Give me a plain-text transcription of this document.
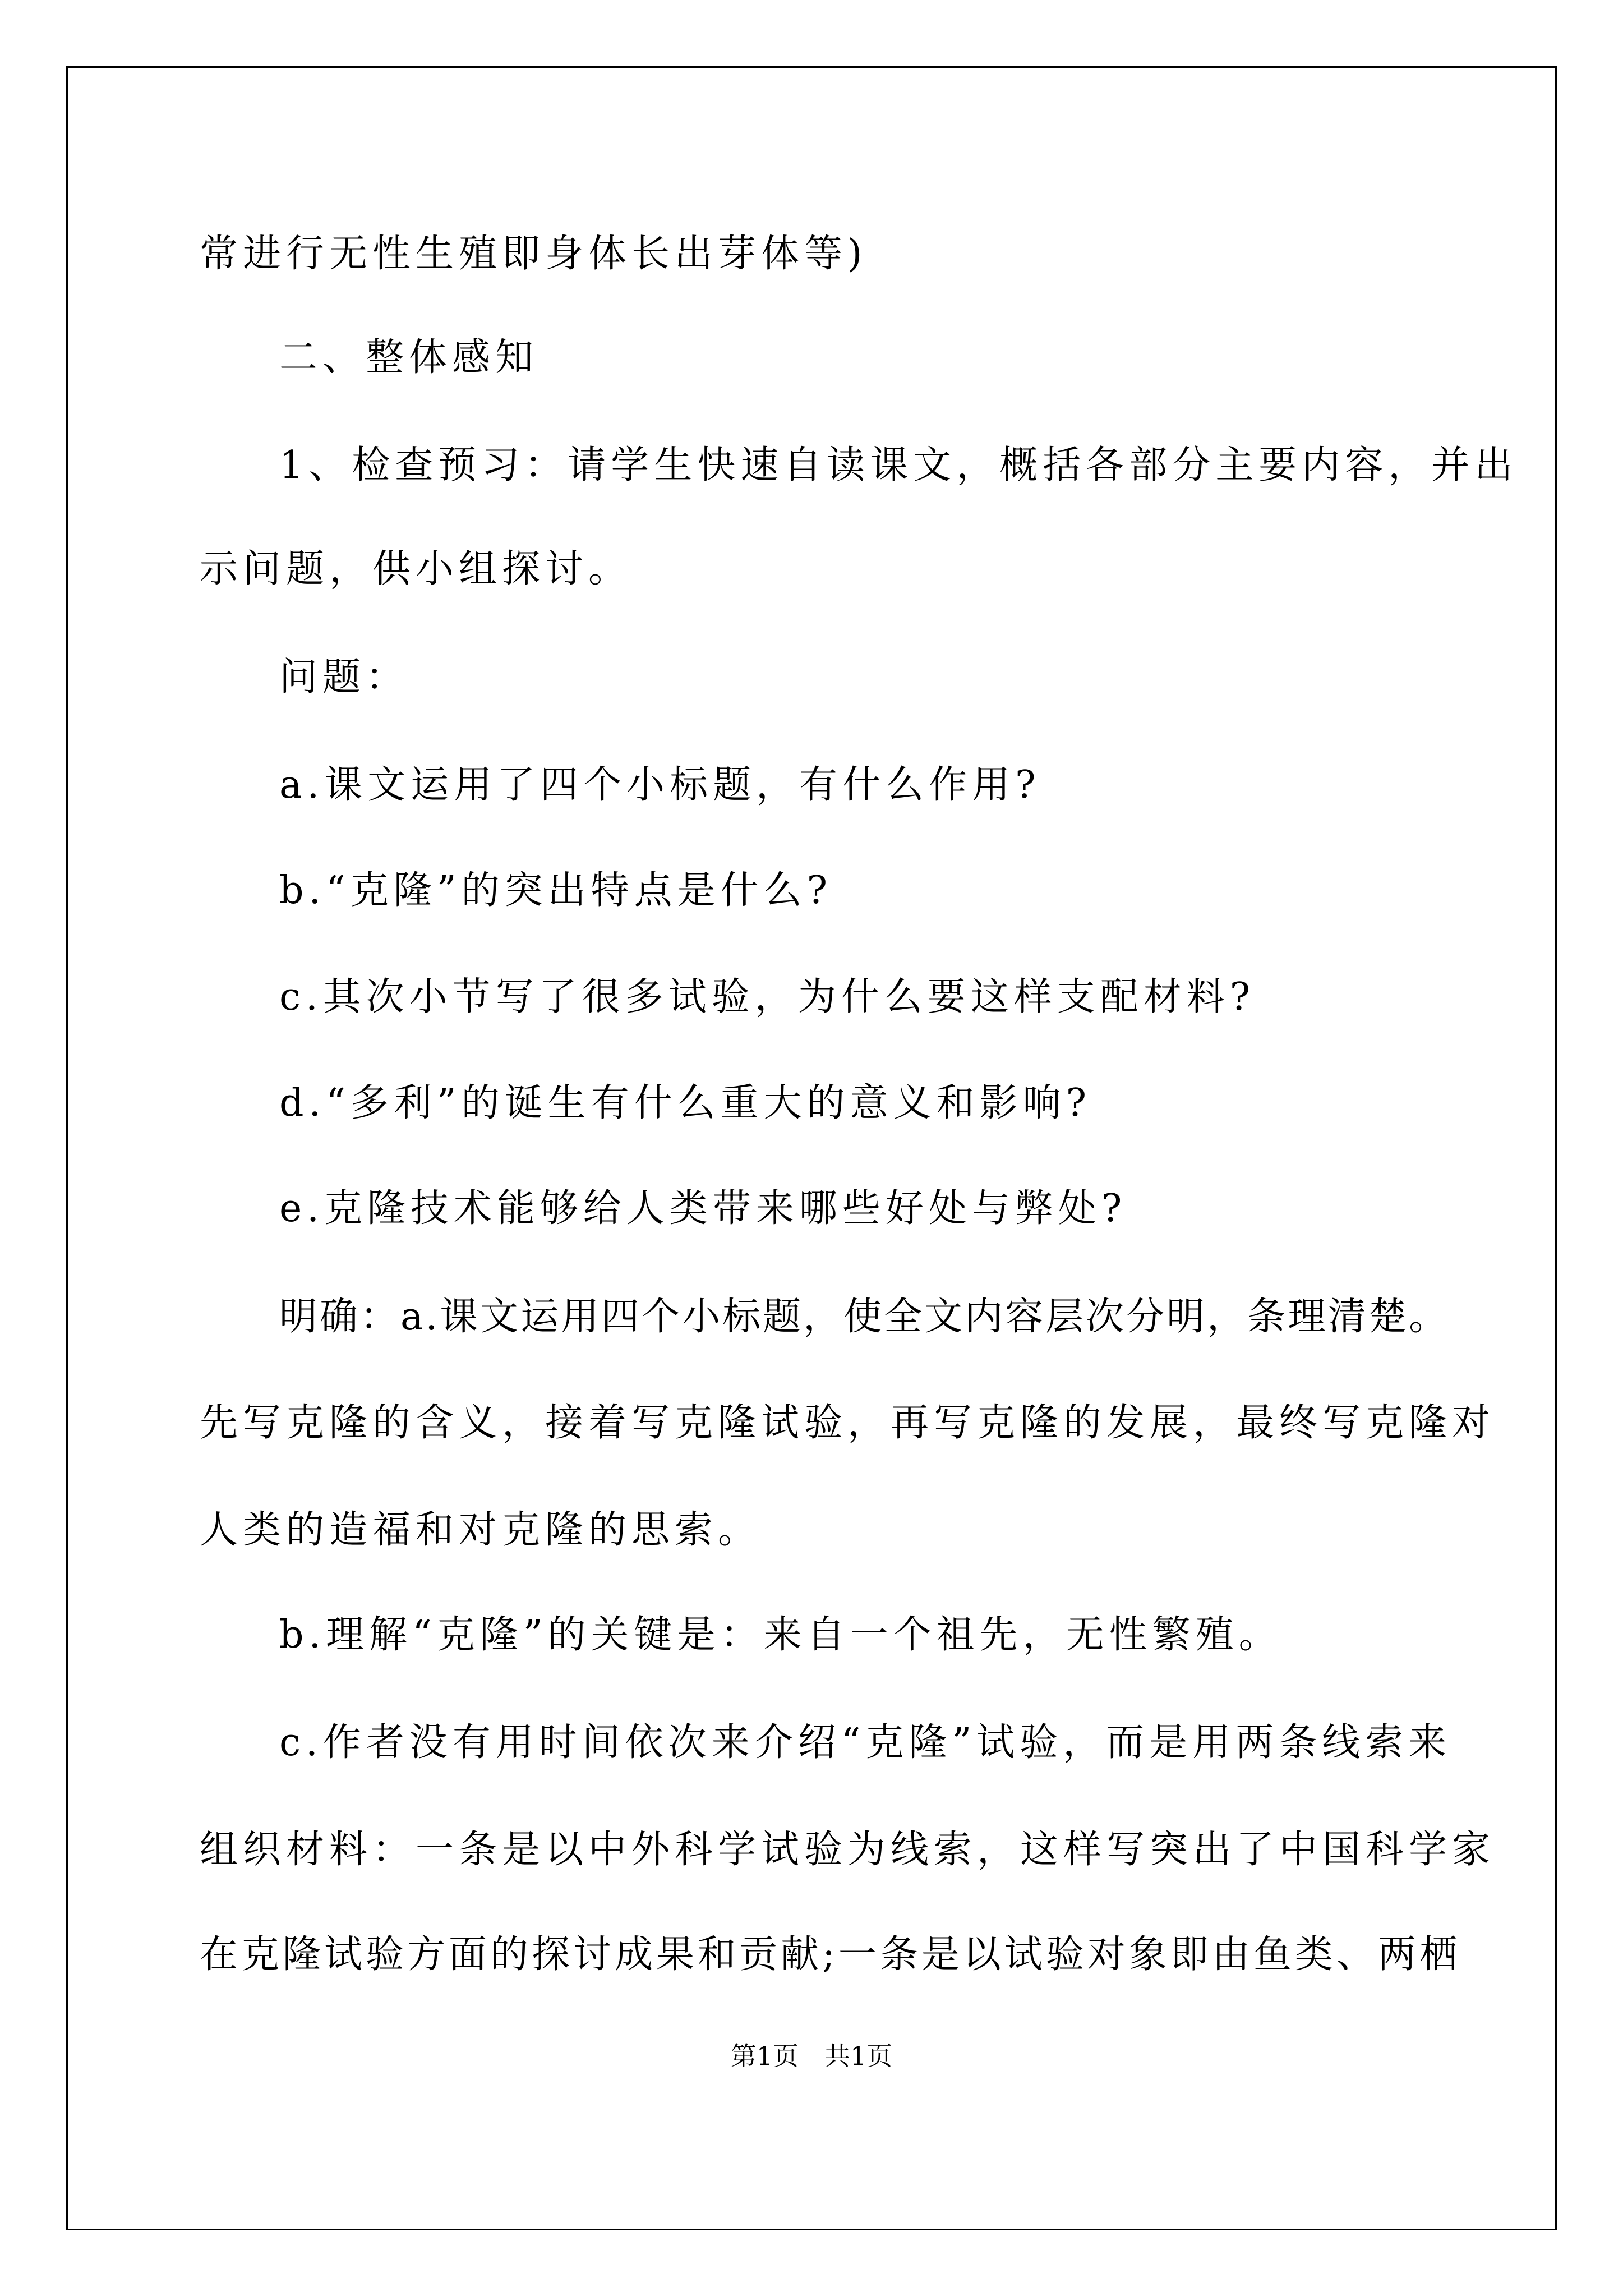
常进行无性生殖即身体长出芽体等)
二、整体感知
1、检查预习：请学生快速自读课文，概括各部分主要内容，并出
示问题，供小组探讨。
问题：
a.课文运用了四个小标题，有什么作用?
b.“克隆”的突出特点是什么?
c.其次小节写了很多试验，为什么要这样支配材料?
d.“多利”的诞生有什么重大的意义和影响?
e.克隆技术能够给人类带来哪些好处与弊处?
明确：a.课文运用四个小标题，使全文内容层次分明，条理清楚。
先写克隆的含义，接着写克隆试验，再写克隆的发展，最终写克隆对
人类的造福和对克隆的思索。
b.理解“克隆”的关键是：来自一个祖先，无性繁殖。
c.作者没有用时间依次来介绍“克隆”试验，而是用两条线索来
组织材料：一条是以中外科学试验为线索，这样写突出了中国科学家
在克隆试验方面的探讨成果和贡献;一条是以试验对象即由鱼类、两栖
第1页　共1页
